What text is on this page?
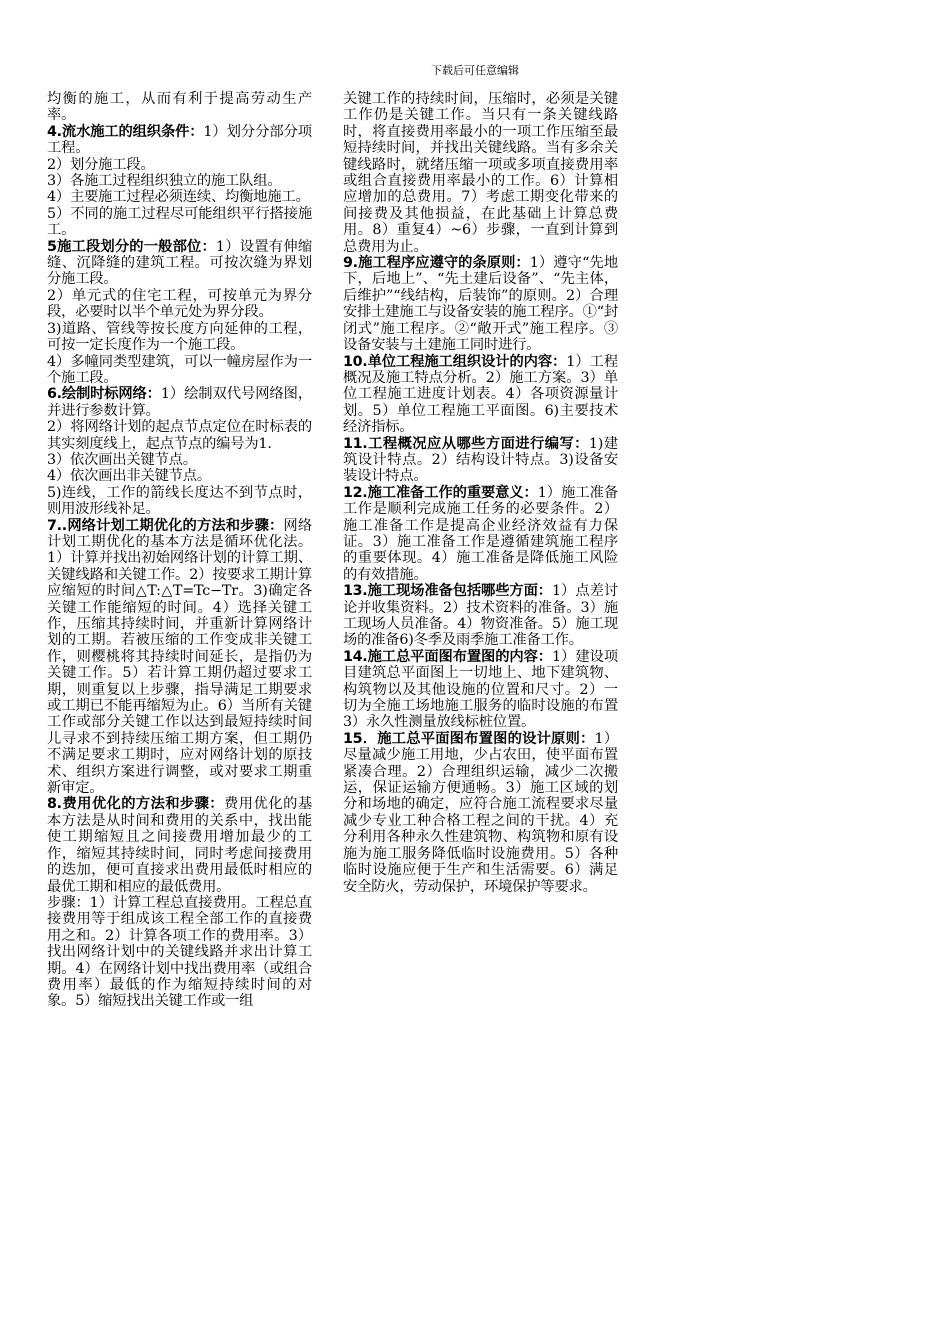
下载后可任意编辑

均衡的施工，从而有利于提高劳动生产率。

4.流水施工的组织条件：1）划分分部分项工程。

2）划分施工段。

3）各施工过程组织独立的施工队组。

4）主要施工过程必须连续、均衡地施工。

5）不同的施工过程尽可能组织平行搭接施工。

5施工段划分的一般部位：1）设置有伸缩缝、沉降缝的建筑工程。可按次缝为界划分施工段。

2）单元式的住宅工程，可按单元为界分段，必要时以半个单元处为界分段。

3)道路、管线等按长度方向延伸的工程，可按一定长度作为一个施工段。

4）多幢同类型建筑，可以一幢房屋作为一个施工段。

6.绘制时标网络：1）绘制双代号网络图，并进行参数计算。

2）将网络计划的起点节点定位在时标表的其实刻度线上，起点节点的编号为1.

3）依次画出关键节点。

4）依次画出非关键节点。

5)连线，工作的箭线长度达不到节点时，则用波形线补足。

7..网络计划工期优化的方法和步骤：网络计划工期优化的基本方法是循环优化法。1）计算并找出初始网络计划的计算工期、关键线路和关键工作。2）按要求工期计算应缩短的时间△T:△T=Tc−Tr。3)确定各关键工作能缩短的时间。4）选择关键工作，压缩其持续时间，并重新计算网络计划的工期。若被压缩的工作变成非关键工作，则樱桃将其持续时间延长，是指仍为关键工作。5）若计算工期仍超过要求工期，则重复以上步骤，指导满足工期要求或工期已不能再缩短为止。6）当所有关键工作或部分关键工作以达到最短持续时间儿寻求不到持续压缩工期方案，但工期仍不满足要求工期时，应对网络计划的原技术、组织方案进行调整，或对要求工期重新审定。

8.费用优化的方法和步骤：费用优化的基本方法是从时间和费用的关系中，找出能使工期缩短且之间接费用增加最少的工作，缩短其持续时间，同时考虑间接费用的迭加，便可直接求出费用最低时相应的最优工期和相应的最低费用。

步骤：1）计算工程总直接费用。工程总直接费用等于组成该工程全部工作的直接费用之和。2）计算各项工作的费用率。3）找出网络计划中的关键线路并求出计算工期。4）在网络计划中找出费用率（或组合费用率）最低的作为缩短持续时间的对象。5）缩短找出关键工作或一组

关键工作的持续时间，压缩时，必须是关键工作仍是关键工作。当只有一条关键线路时，将直接费用率最小的一项工作压缩至最短持续时间，并找出关键线路。当有多余关键线路时，就绪压缩一项或多项直接费用率或组合直接费用率最小的工作。6）计算相应增加的总费用。7）考虑工期变化带来的间接费及其他损益，在此基础上计算总费用。8）重复4）~6）步骤，一直到计算到总费用为止。

9.施工程序应遵守的条原则：1）遵守“先地下，后地上”、“先土建后设备”、“先主体，后维护”“线结构，后装饰”的原则。2）合理安排土建施工与设备安装的施工程序。①“封闭式”施工程序。②“敞开式”施工程序。③设备安装与土建施工同时进行。

10.单位工程施工组织设计的内容：1）工程概况及施工特点分析。2）施工方案。3）单位工程施工进度计划表。4）各项资源量计划。5）单位工程施工平面图。6)主要技术经济指标。

11.工程概况应从哪些方面进行编写：1)建筑设计特点。2）结构设计特点。3)设备安装设计特点。

12.施工准备工作的重要意义：1）施工准备工作是顺利完成施工任务的必要条件。2）施工准备工作是提高企业经济效益有力保证。3）施工准备工作是遵循建筑施工程序的重要体现。4）施工准备是降低施工风险的有效措施。

13.施工现场准备包括哪些方面：1）点差讨论并收集资料。2）技术资料的准备。3）施工现场人员准备。4）物资准备。5）施工现场的准备6)冬季及雨季施工准备工作。

14.施工总平面图布置图的内容：1）建设项目建筑总平面图上一切地上、地下建筑物、构筑物以及其他设施的位置和尺寸。2）一切为全施工场地施工服务的临时设施的布置3）永久性测量放线标桩位置。

15．施工总平面图布置图的设计原则：1）尽量减少施工用地，少占农田，使平面布置紧凑合理。2）合理组织运输，减少二次搬运，保证运输方便通畅。3）施工区域的划分和场地的确定，应符合施工流程要求尽量减少专业工种合格工程之间的干扰。4）充分利用各种永久性建筑物、构筑物和原有设施为施工服务降低临时设施费用。5）各种临时设施应便于生产和生活需要。6）满足安全防火，劳动保护，环境保护等要求。
